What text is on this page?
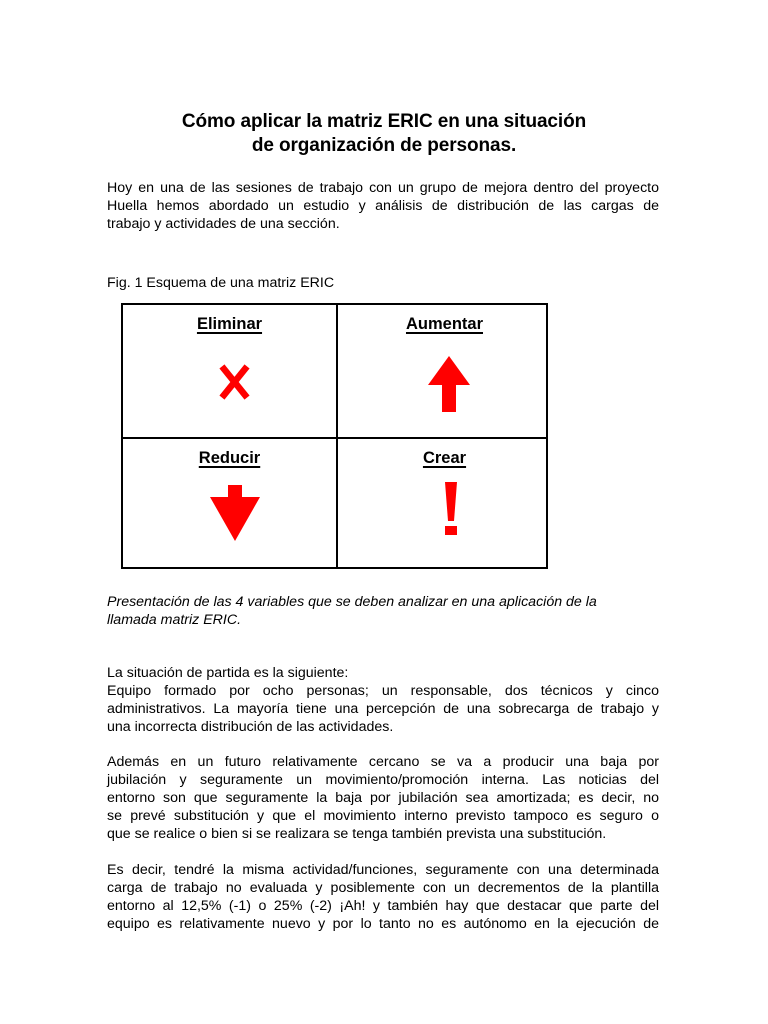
Cómo aplicar la matriz ERIC en una situación
de organización de personas.
Hoy en una de las sesiones de trabajo con un grupo de mejora dentro del proyecto
Huella hemos abordado un estudio y análisis de distribución de las cargas de
trabajo y actividades de una sección.
Fig. 1 Esquema de una matriz ERIC
Eliminar	Aumentar
Reducir	Crear
Presentación de las 4 variables que se deben analizar en una aplicación de la
llamada matriz ERIC.
La situación de partida es la siguiente:
Equipo formado por ocho personas; un responsable, dos técnicos y cinco
administrativos. La mayoría tiene una percepción de una sobrecarga de trabajo y
una incorrecta distribución de las actividades.
Además en un futuro relativamente cercano se va a producir una baja por
jubilación y seguramente un movimiento/promoción interna. Las noticias del
entorno son que seguramente la baja por jubilación sea amortizada; es decir, no
se prevé substitución y que el movimiento interno previsto tampoco es seguro o
que se realice o bien si se realizara se tenga también prevista una substitución.
Es decir, tendré la misma actividad/funciones, seguramente con una determinada
carga de trabajo no evaluada y posiblemente con un decrementos de la plantilla
entorno al 12,5% (-1) o 25% (-2) ¡Ah! y también hay que destacar que parte del
equipo es relativamente nuevo y por lo tanto no es autónomo en la ejecución de
